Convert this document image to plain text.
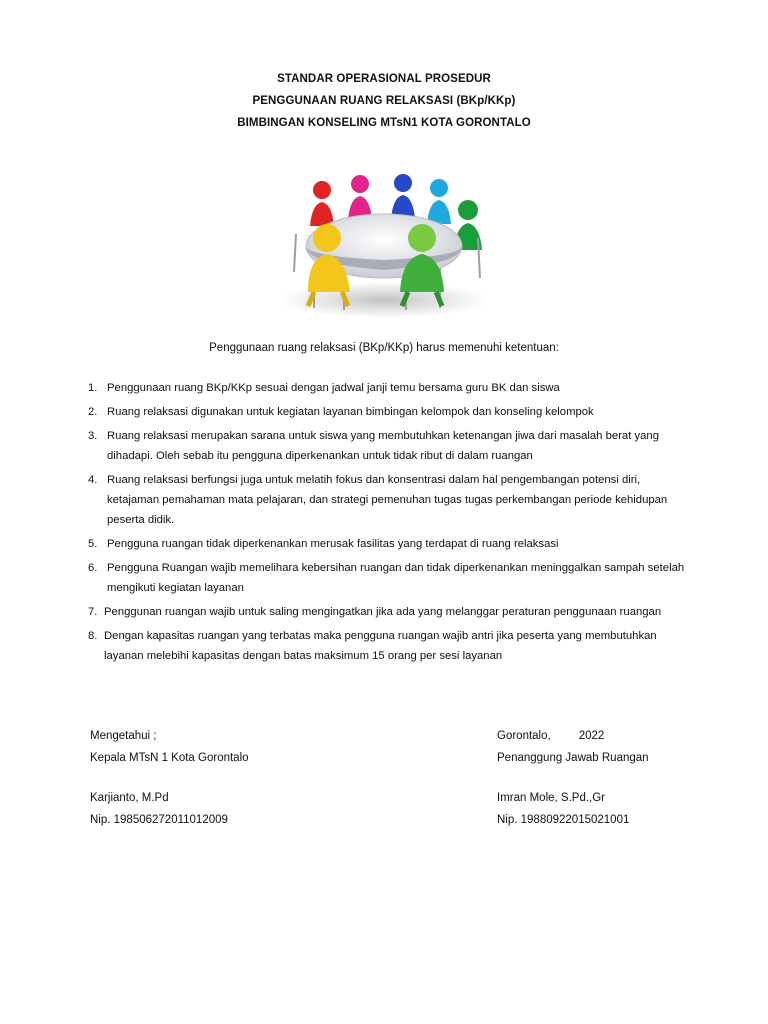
STANDAR OPERASIONAL PROSEDUR
PENGGUNAAN RUANG RELAKSASI (BKp/KKp)
BIMBINGAN KONSELING MTsN1 KOTA GORONTALO
Penggunaan ruang relaksasi (BKp/KKp) harus memenuhi ketentuan:
1. Penggunaan ruang BKp/KKp sesuai dengan jadwal janji temu bersama guru BK dan siswa
2. Ruang relaksasi digunakan untuk kegiatan layanan bimbingan kelompok dan konseling kelompok
3. Ruang relaksasi merupakan sarana untuk siswa yang membutuhkan ketenangan jiwa dari masalah berat yang dihadapi. Oleh sebab itu pengguna diperkenankan untuk tidak ribut di dalam ruangan
4. Ruang relaksasi berfungsi juga untuk melatih fokus dan konsentrasi dalam hal pengembangan potensi diri, ketajaman pemahaman mata pelajaran, dan strategi pemenuhan tugas tugas perkembangan periode kehidupan peserta didik.
5. Pengguna ruangan tidak diperkenankan merusak fasilitas yang terdapat di ruang relaksasi
6. Pengguna Ruangan wajib memelihara kebersihan ruangan dan tidak diperkenankan meninggalkan sampah setelah mengikuti kegiatan layanan
7. Penggunan ruangan wajib untuk saling mengingatkan jika ada yang melanggar peraturan penggunaan ruangan
8. Dengan kapasitas ruangan yang terbatas maka pengguna ruangan wajib antri jika peserta yang membutuhkan layanan melebihi kapasitas dengan batas maksimum 15 orang per sesi layanan
Mengetahui ;
Kepala MTsN 1 Kota Gorontalo
Karjianto, M.Pd
Nip. 198506272011012009
Gorontalo, 2022
Penanggung Jawab Ruangan
Imran Mole, S.Pd.,Gr
Nip. 19880922015021001
